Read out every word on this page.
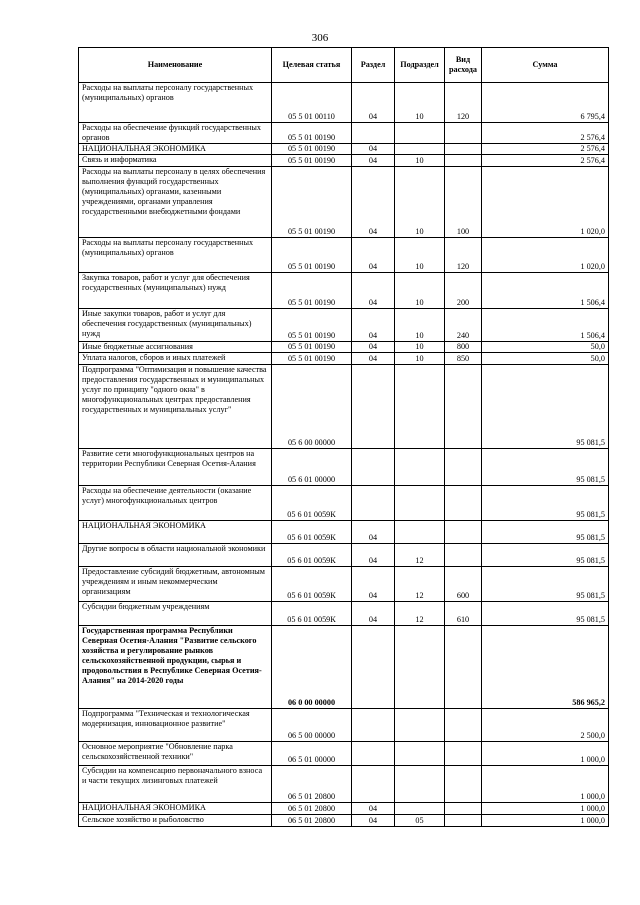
306
Наименование	Целевая статья	Раздел	Подраздел	Вид расхода	Сумма
Расходы на выплаты персоналу государственных (муниципальных) органов	05 5 01 00110	04	10	120	6 795,4
Расходы на обеспечение функций государственных органов	05 5 01 00190				2 576,4
НАЦИОНАЛЬНАЯ ЭКОНОМИКА	05 5 01 00190	04			2 576,4
Связь и информатика	05 5 01 00190	04	10		2 576,4
Расходы на выплаты персоналу в целях обеспечения выполнения функций государственных (муниципальных) органами, казенными учреждениями, органами управления государственными внебюджетными фондами	05 5 01 00190	04	10	100	1 020,0
Расходы на выплаты персоналу государственных (муниципальных) органов	05 5 01 00190	04	10	120	1 020,0
Закупка товаров, работ и услуг для обеспечения государственных (муниципальных) нужд	05 5 01 00190	04	10	200	1 506,4
Иные закупки товаров, работ и услуг для обеспечения государственных (муниципальных) нужд	05 5 01 00190	04	10	240	1 506,4
Иные бюджетные ассигнования	05 5 01 00190	04	10	800	50,0
Уплата налогов, сборов и иных платежей	05 5 01 00190	04	10	850	50,0
Подпрограмма "Оптимизация и повышение качества предоставления государственных и муниципальных услуг по принципу "одного окна" в многофункциональных центрах предоставления государственных и муниципальных услуг"	05 6 00 00000				95 081,5
Развитие сети многофункциональных центров на территории Республики Северная Осетия-Алания	05 6 01 00000				95 081,5
Расходы на обеспечение деятельности (оказание услуг) многофункциональных центров	05 6 01 0059К				95 081,5
НАЦИОНАЛЬНАЯ ЭКОНОМИКА	05 6 01 0059К	04			95 081,5
Другие вопросы в области национальной экономики	05 6 01 0059К	04	12		95 081,5
Предоставление субсидий бюджетным, автономным учреждениям и иным некоммерческим организациям	05 6 01 0059К	04	12	600	95 081,5
Субсидии бюджетным учреждениям	05 6 01 0059К	04	12	610	95 081,5
Государственная программа Республики Северная Осетия-Алания "Развитие сельского хозяйства и регулирование рынков сельскохозяйственной продукции, сырья и продовольствия в Республике Северная Осетия-Алания" на 2014-2020 годы	06 0 00 00000				586 965,2
Подпрограмма "Техническая и технологическая модернизация, инновационное развитие"	06 5 00 00000				2 500,0
Основное мероприятие "Обновление парка сельскохозяйственной техники"	06 5 01 00000				1 000,0
Субсидии на компенсацию первоначального взноса и части текущих лизинговых платежей	06 5 01 20800				1 000,0
НАЦИОНАЛЬНАЯ ЭКОНОМИКА	06 5 01 20800	04			1 000,0
Сельское хозяйство и рыболовство	06 5 01 20800	04	05		1 000,0
